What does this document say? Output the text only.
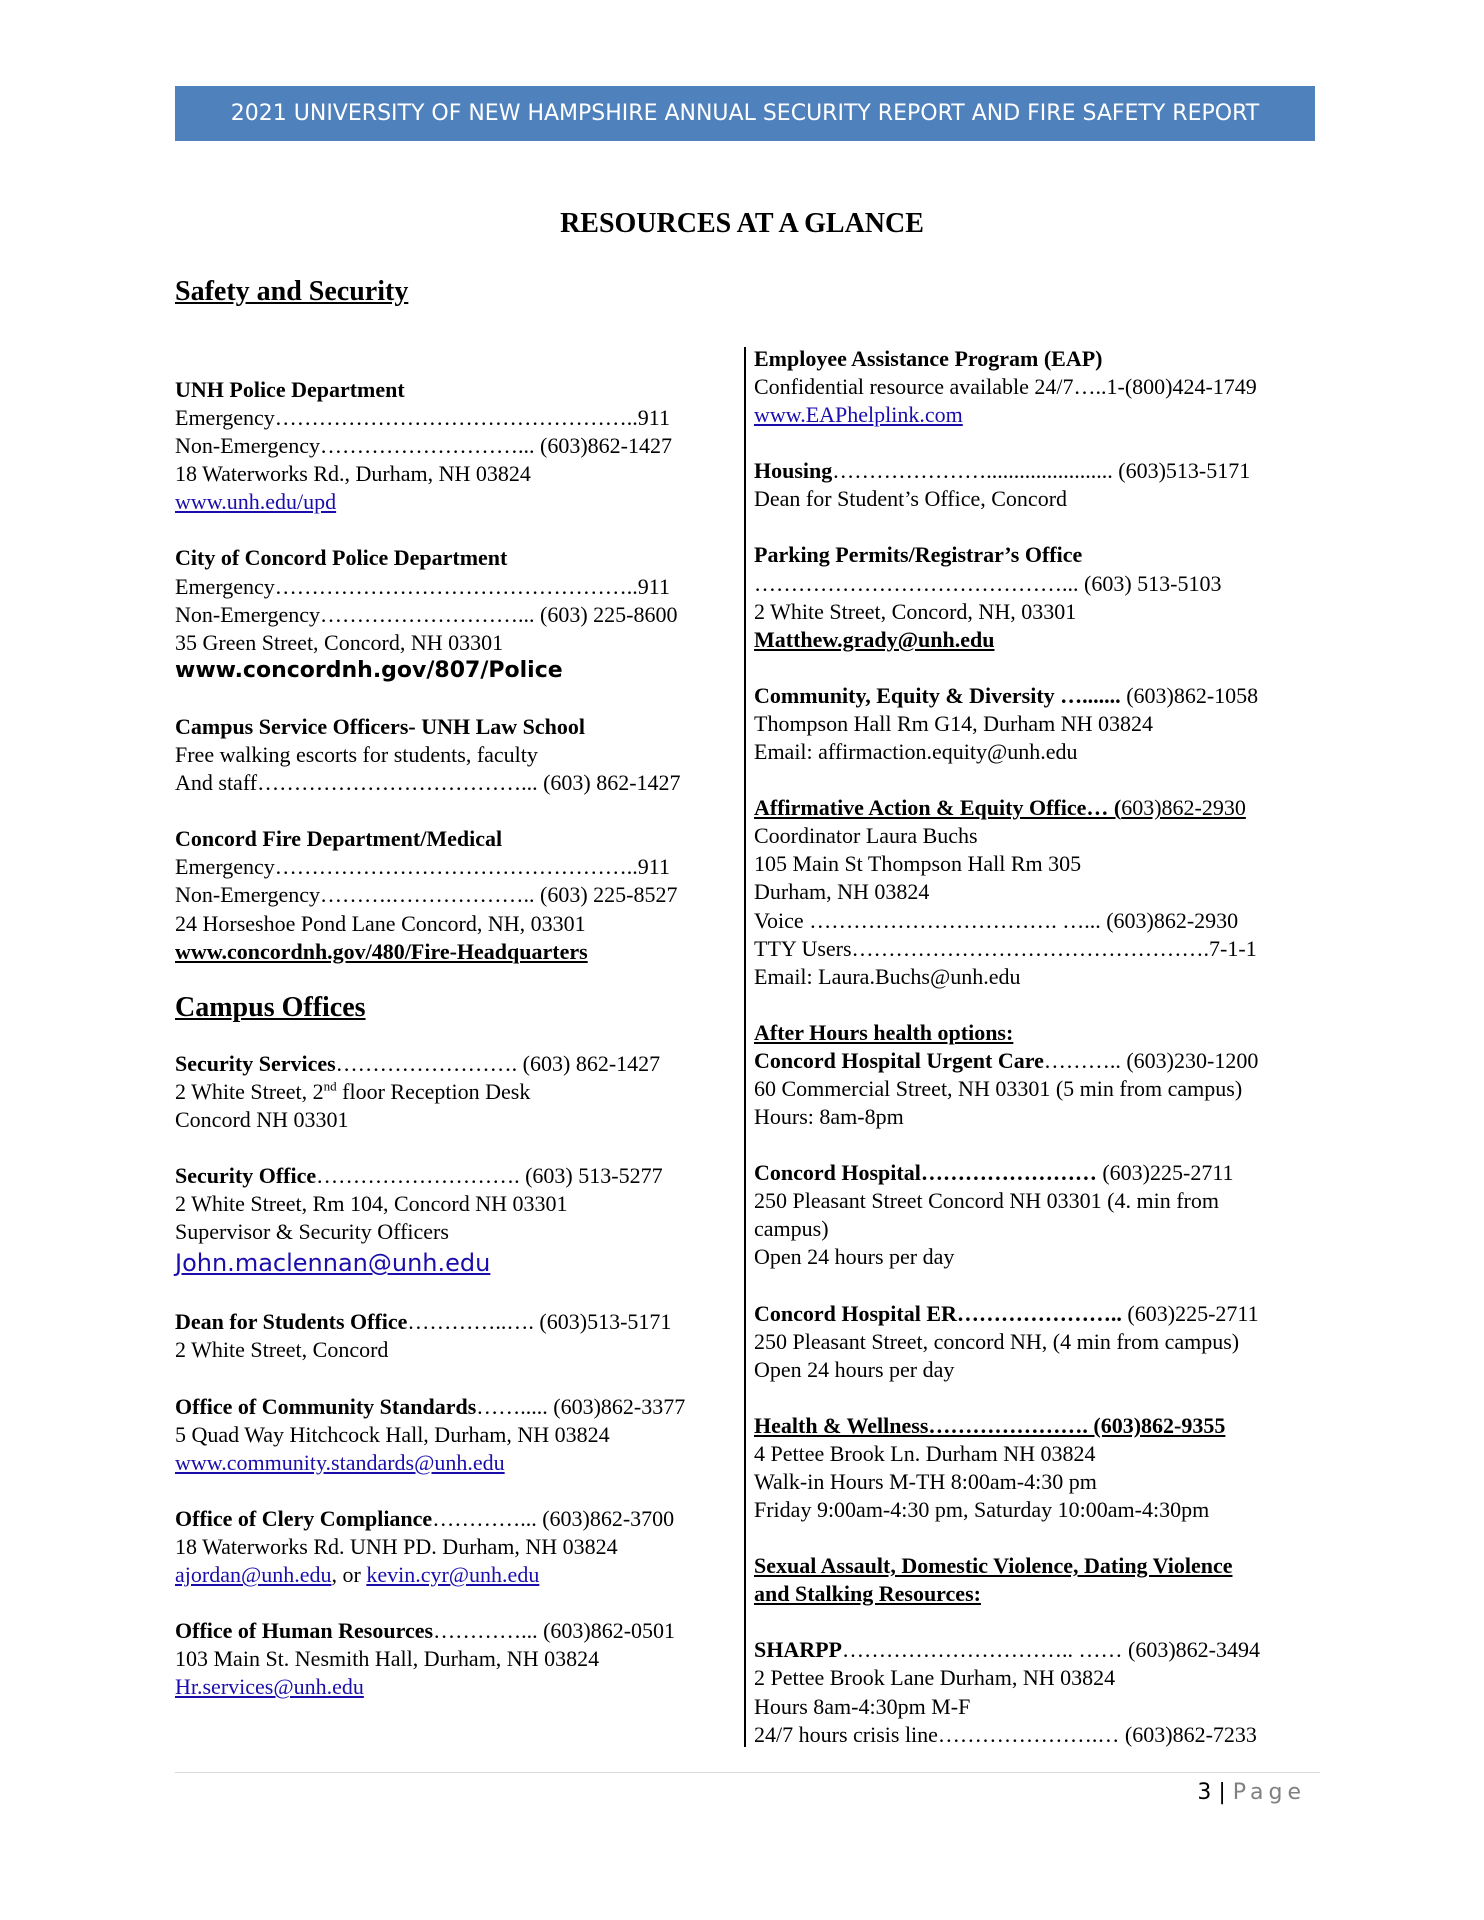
2021 UNIVERSITY OF NEW HAMPSHIRE ANNUAL SECURITY REPORT AND FIRE SAFETY REPORT
RESOURCES AT A GLANCE
Safety and Security
UNH Police Department
Emergency…………………………………………..911
Non-Emergency………………………... (603)862-1427
18 Waterworks Rd., Durham, NH 03824
www.unh.edu/upd
City of Concord Police Department
Emergency…………………………………………..911
Non-Emergency………………………... (603) 225-8600
35 Green Street, Concord, NH 03301
www.concordnh.gov/807/Police
Campus Service Officers- UNH Law School
Free walking escorts for students, faculty
And staff………………………………... (603) 862-1427
Concord Fire Department/Medical
Emergency…………………………………………..911
Non-Emergency……….……………….. (603) 225-8527
24 Horseshoe Pond Lane Concord, NH, 03301
www.concordnh.gov/480/Fire-Headquarters
Campus Offices
Security Services……………………. (603) 862-1427
2 White Street, 2nd floor Reception Desk
Concord NH 03301
Security Office………………………. (603) 513-5277
2 White Street, Rm 104, Concord NH 03301
Supervisor & Security Officers
John.maclennan@unh.edu
Dean for Students Office…………..…. (603)513-5171
2 White Street, Concord
Office of Community Standards……..... (603)862-3377
5 Quad Way Hitchcock Hall, Durham, NH 03824
www.community.standards@unh.edu
Office of Clery Compliance…………... (603)862-3700
18 Waterworks Rd. UNH PD. Durham, NH 03824
ajordan@unh.edu, or kevin.cyr@unh.edu
Office of Human Resources…………... (603)862-0501
103 Main St. Nesmith Hall, Durham, NH 03824
Hr.services@unh.edu
Employee Assistance Program (EAP)
Confidential resource available 24/7…..1-(800)424-1749
www.EAPhelplink.com
Housing…………………....................... (603)513-5171
Dean for Student’s Office, Concord
Parking Permits/Registrar’s Office
……………………………………... (603) 513-5103
2 White Street, Concord, NH, 03301
Matthew.grady@unh.edu
Community, Equity & Diversity …....... (603)862-1058
Thompson Hall Rm G14, Durham NH 03824
Email: affirmaction.equity@unh.edu
Affirmative Action & Equity Office… (603)862-2930
Coordinator Laura Buchs
105 Main St Thompson Hall Rm 305
Durham, NH 03824
Voice ……………………………. …... (603)862-2930
TTY Users………………………………………….7-1-1
Email: Laura.Buchs@unh.edu
After Hours health options:
Concord Hospital Urgent Care……….. (603)230-1200
60 Commercial Street, NH 03301 (5 min from campus)
Hours: 8am-8pm
Concord Hospital…………………… (603)225-2711
250 Pleasant Street Concord NH 03301 (4. min from
campus)
Open 24 hours per day
Concord Hospital ER………………….. (603)225-2711
250 Pleasant Street, concord NH, (4 min from campus)
Open 24 hours per day
Health & Wellness…………………. (603)862-9355
4 Pettee Brook Ln. Durham NH 03824
Walk-in Hours M-TH 8:00am-4:30 pm
Friday 9:00am-4:30 pm, Saturday 10:00am-4:30pm
Sexual Assault, Domestic Violence, Dating Violence
and Stalking Resources:
SHARPP………………………….. …… (603)862-3494
2 Pettee Brook Lane Durham, NH 03824
Hours 8am-4:30pm M-F
24/7 hours crisis line………………….… (603)862-7233
3 | Page
